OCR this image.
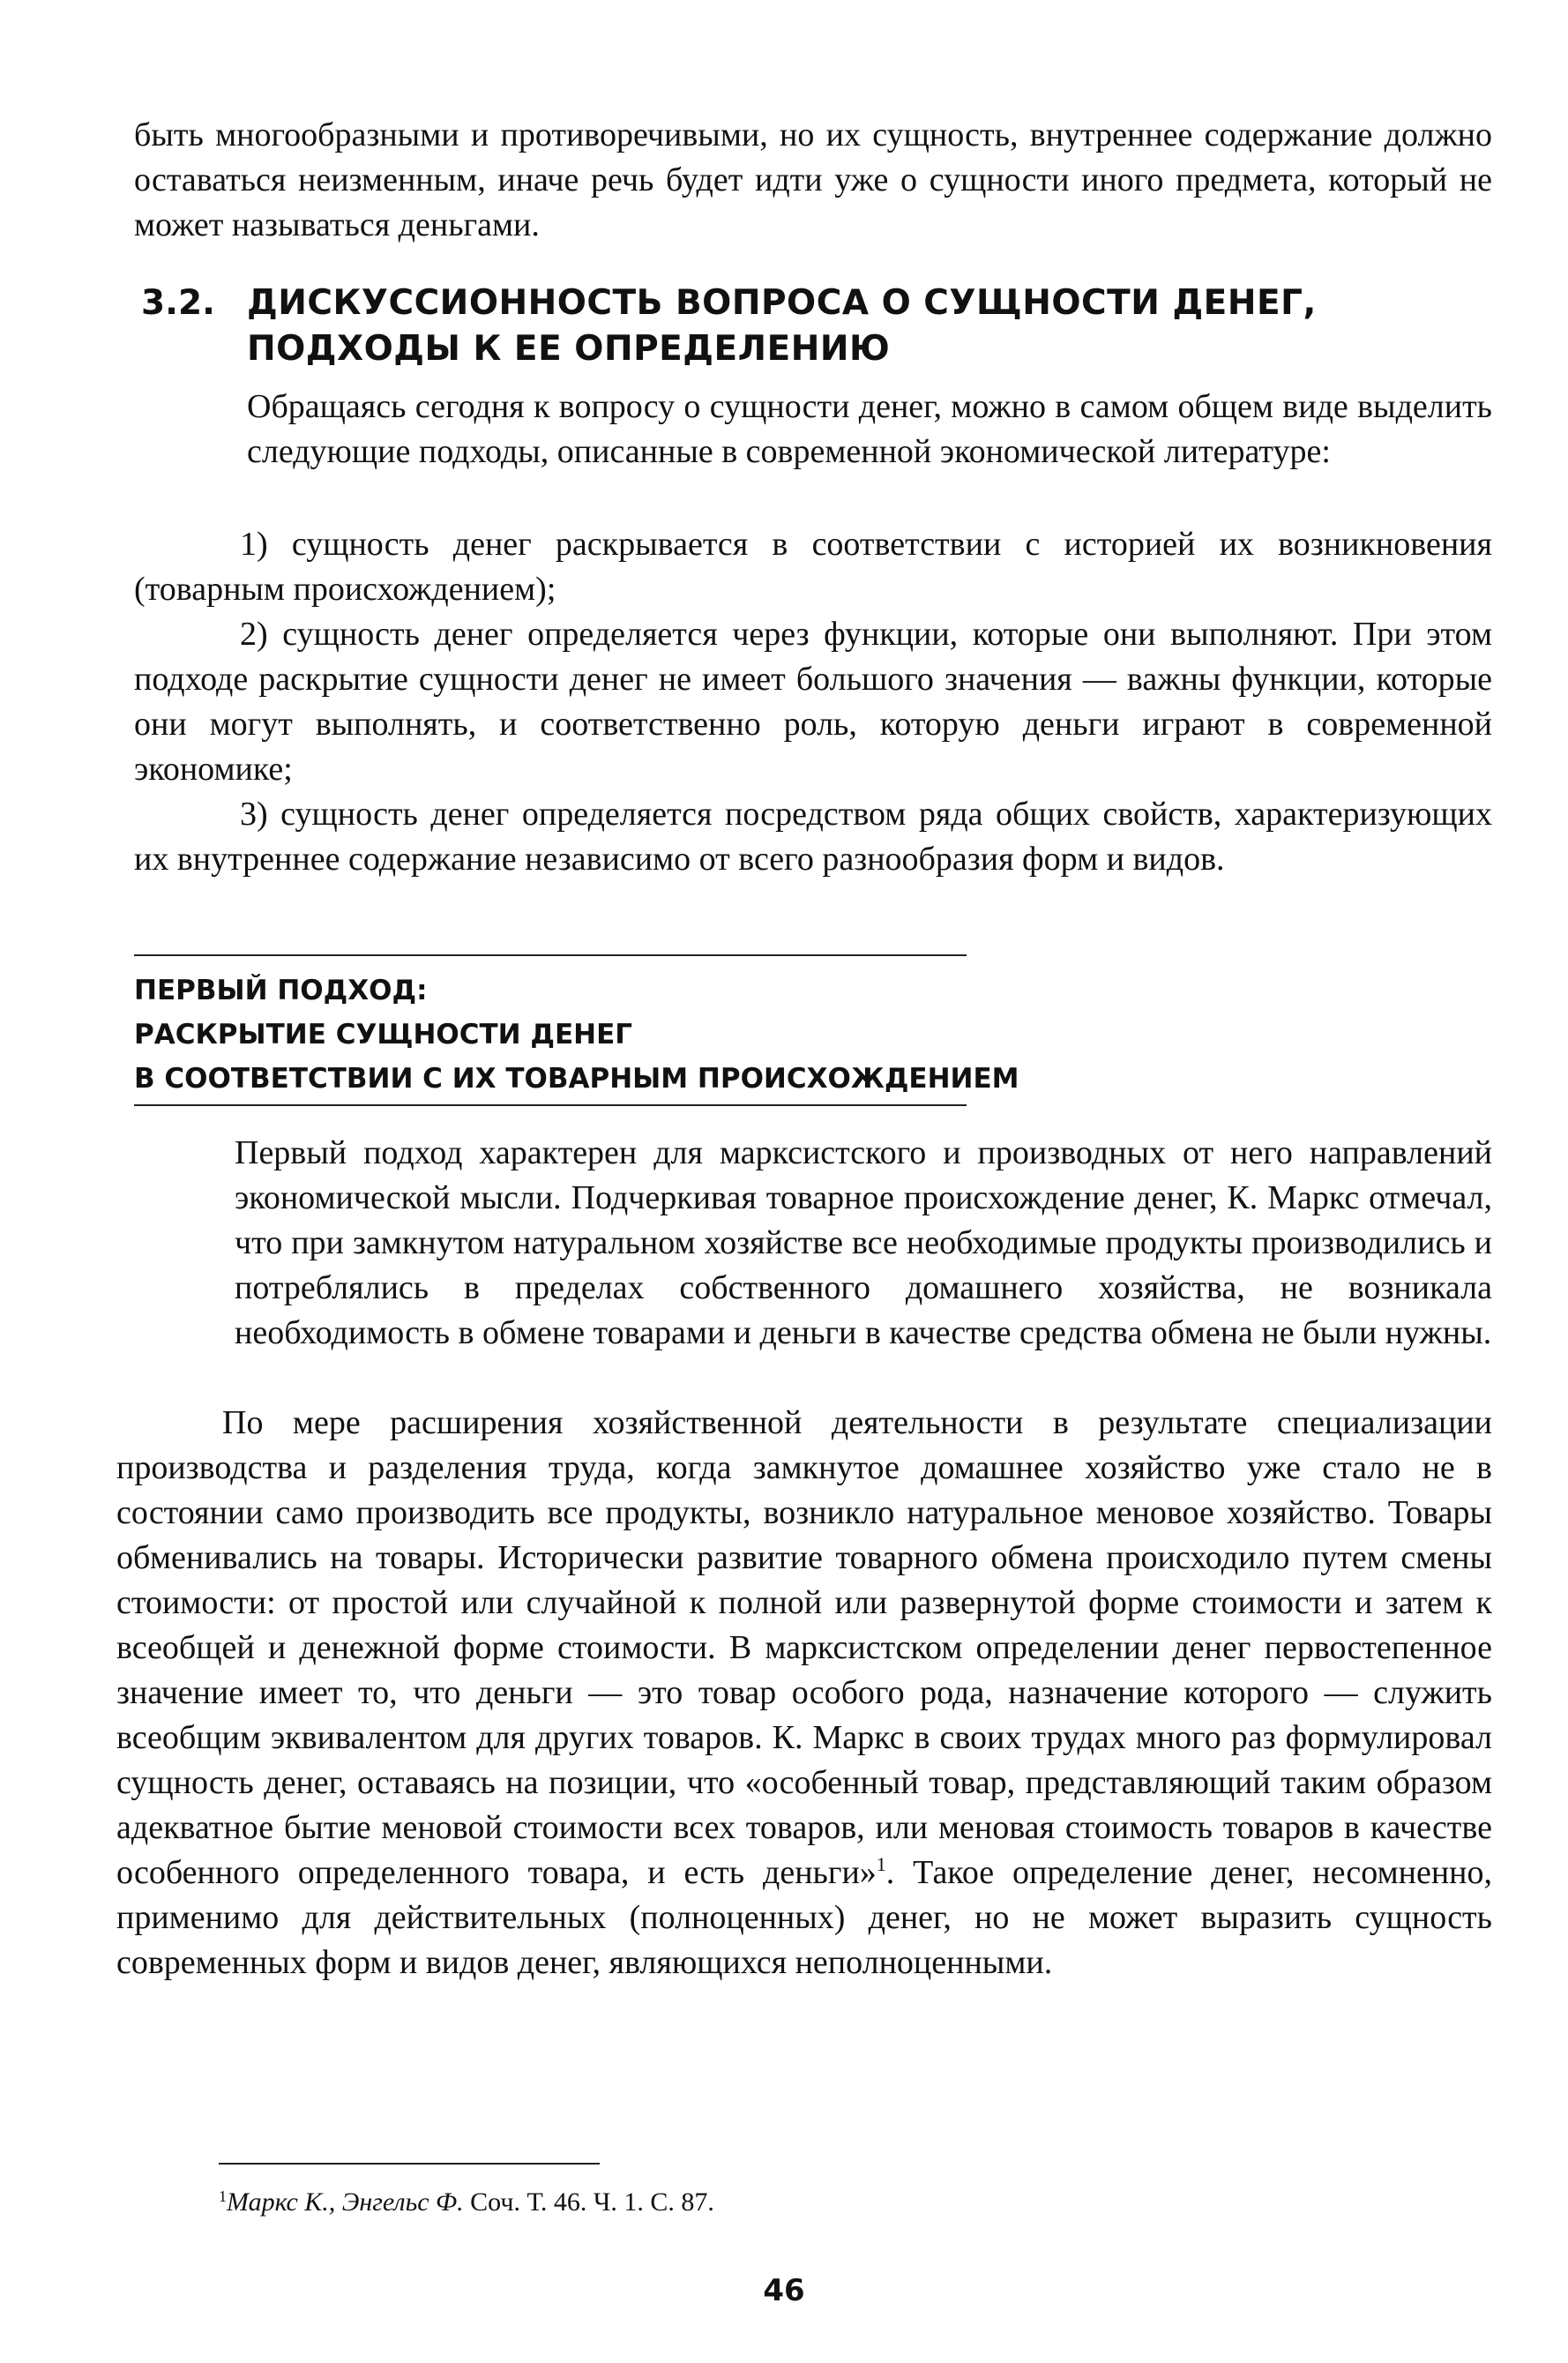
быть многообразными и противоречивыми, но их сущность, внутреннее содержание должно оставаться неизменным, иначе речь будет идти уже о сущности иного предмета, который не может называться деньгами.

3.2. ДИСКУССИОННОСТЬ ВОПРОСА О СУЩНОСТИ ДЕНЕГ,
ПОДХОДЫ К ЕЕ ОПРЕДЕЛЕНИЮ

Обращаясь сегодня к вопросу о сущности денег, можно в самом общем виде выделить следующие подходы, описанные в современной экономической литературе:

1) сущность денег раскрывается в соответствии с историей их возникновения (товарным происхождением);

2) сущность денег определяется через функции, которые они выполняют. При этом подходе раскрытие сущности денег не имеет большого значения — важны функции, которые они могут выполнять, и соответственно роль, которую деньги играют в современной экономике;

3) сущность денег определяется посредством ряда общих свойств, характеризующих их внутреннее содержание независимо от всего разнообразия форм и видов.

ПЕРВЫЙ ПОДХОД:
РАСКРЫТИЕ СУЩНОСТИ ДЕНЕГ
В СООТВЕТСТВИИ С ИХ ТОВАРНЫМ ПРОИСХОЖДЕНИЕМ

Первый подход характерен для марксистского и производных от него направлений экономической мысли. Подчеркивая товарное происхождение денег, К. Маркс отмечал, что при замкнутом натуральном хозяйстве все необходимые продукты производились и потреблялись в пределах собственного домашнего хозяйства, не возникала необходимость в обмене товарами и деньги в качестве средства обмена не были нужны.

По мере расширения хозяйственной деятельности в результате специализации производства и разделения труда, когда замкнутое домашнее хозяйство уже стало не в состоянии само производить все продукты, возникло натуральное меновое хозяйство. Товары обменивались на товары. Исторически развитие товарного обмена происходило путем смены стоимости: от простой или случайной к полной или развернутой форме стоимости и затем к всеобщей и денежной форме стоимости. В марксистском определении денег первостепенное значение имеет то, что деньги — это товар особого рода, назначение которого — служить всеобщим эквивалентом для других товаров. К. Маркс в своих трудах много раз формулировал сущность денег, оставаясь на позиции, что «особенный товар, представляющий таким образом адекватное бытие меновой стоимости всех товаров, или меновая стоимость товаров в качестве особенного определенного товара, и есть деньги»$^1$. Такое определение денег, несомненно, применимо для действительных (полноценных) денег, но не может выразить сущность современных форм и видов денег, являющихся неполноценными.

$^1$Маркс К., Энгельс Ф. Соч. Т. 46. Ч. 1. С. 87.
46
